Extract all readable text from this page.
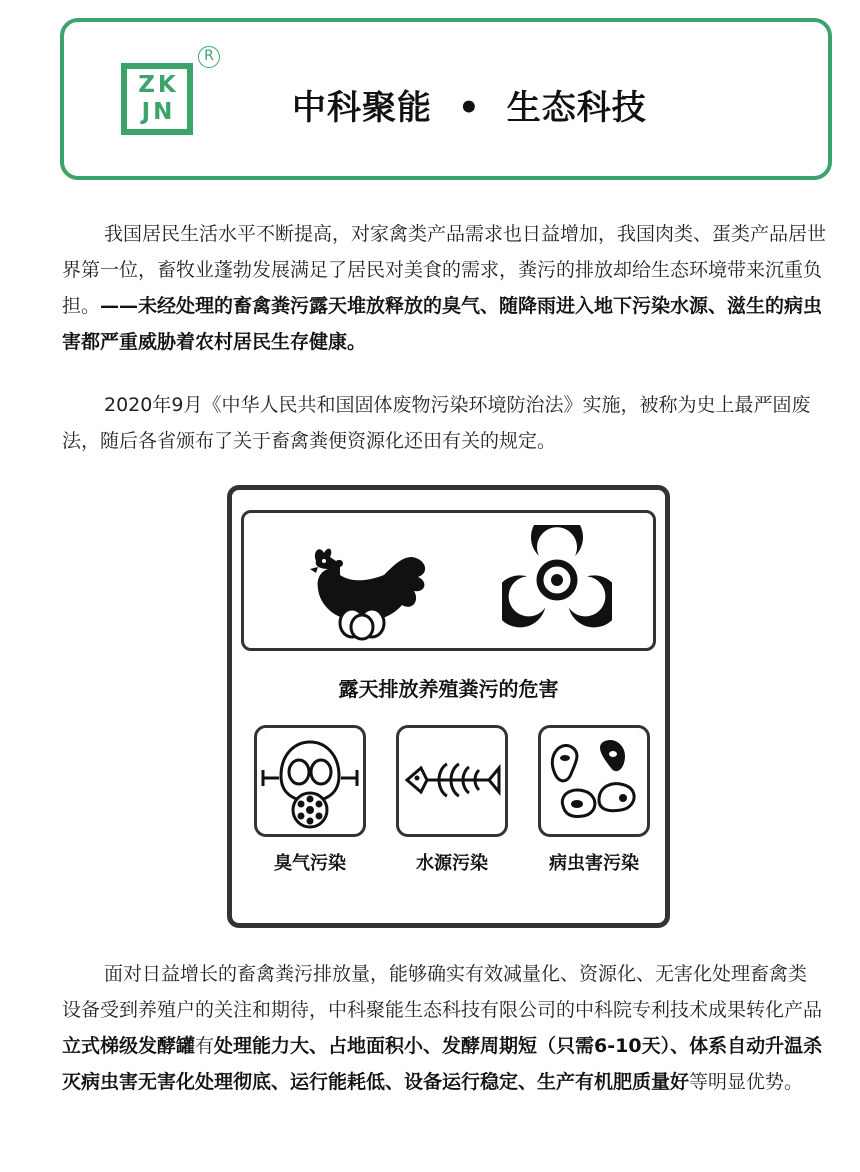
ZK
JN
R
中科聚能 • 生态科技

我国居民生活水平不断提高，对家禽类产品需求也日益增加，我国肉类、蛋类产品居世界第一位，畜牧业蓬勃发展满足了居民对美食的需求，粪污的排放却给生态环境带来沉重负担。——未经处理的畜禽粪污露天堆放释放的臭气、随降雨进入地下污染水源、滋生的病虫害都严重威胁着农村居民生存健康。

2020年9月《中华人民共和国固体废物污染环境防治法》实施，被称为史上最严固废法，随后各省颁布了关于畜禽粪便资源化还田有关的规定。

露天排放养殖粪污的危害
臭气污染	水源污染	病虫害污染

面对日益增长的畜禽粪污排放量，能够确实有效减量化、资源化、无害化处理畜禽类 设备受到养殖户的关注和期待，中科聚能生态科技有限公司的中科院专利技术成果转化产品立式梯级发酵罐有处理能力大、占地面积小、发酵周期短（只需6-10天）、体系自动升温杀灭病虫害无害化处理彻底、运行能耗低、设备运行稳定、生产有机肥质量好等明显优势。
